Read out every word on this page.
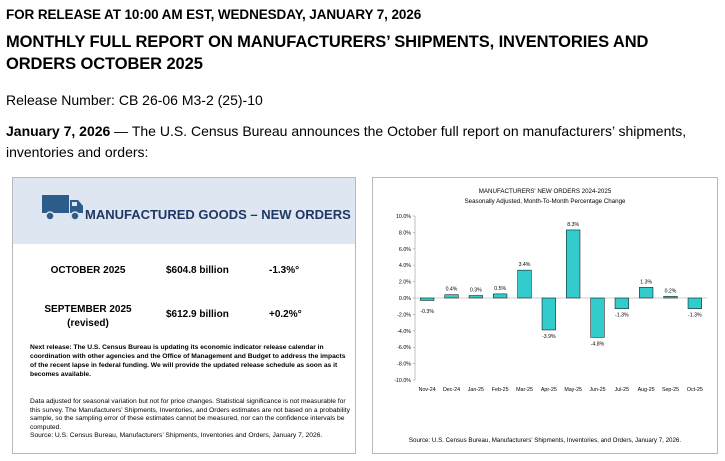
FOR RELEASE AT 10:00 AM EST, WEDNESDAY, JANUARY 7, 2026
MONTHLY FULL REPORT ON MANUFACTURERS’ SHIPMENTS, INVENTORIES AND ORDERS OCTOBER 2025
Release Number: CB 26-06 M3-2 (25)-10
January 7, 2026 — The U.S. Census Bureau announces the October full report on manufacturers’ shipments, inventories and orders:
MANUFACTURED GOODS – NEW ORDERS
OCTOBER 2025	$604.8 billion	-1.3%°
SEPTEMBER 2025
(revised)
$612.9 billion	+0.2%°
Next release: The U.S. Census Bureau is updating its economic indicator release calendar in coordination with other agencies and the Office of Management and Budget to address the impacts of the recent lapse in federal funding. We will provide the updated release schedule as soon as it becomes available.
Data adjusted for seasonal variation but not for price changes. Statistical significance is not measurable for this survey. The Manufacturers’ Shipments, Inventories, and Orders estimates are not based on a probability sample, so the sampling error of these estimates cannot be measured, nor can the confidence intervals be computed.
Source: U.S. Census Bureau, Manufacturers’ Shipments, Inventories and Orders, January 7, 2026.
MANUFACTURERS' NEW ORDERS 2024-2025
Seasonally Adjusted, Month-To-Month Percentage Change
10.0%
8.0%
6.0%
4.0%
2.0%
0.0%
-2.0%
-4.0%
-6.0%
-8.0%
-10.0%
-0.3%
0.4% 0.3% 0.5%
3.4%
-3.9%
8.3%
-4.8%
-1.3%
1.3%
0.2%
-1.3%
Nov-24 Dec-24 Jan-25 Feb-25 Mar-25 Apr-25 May-25 Jun-25 Jul-25 Aug-25 Sep-25 Oct-25
Source: U.S. Census Bureau, Manufacturers' Shipments, Inventories, and Orders, January 7, 2026.
